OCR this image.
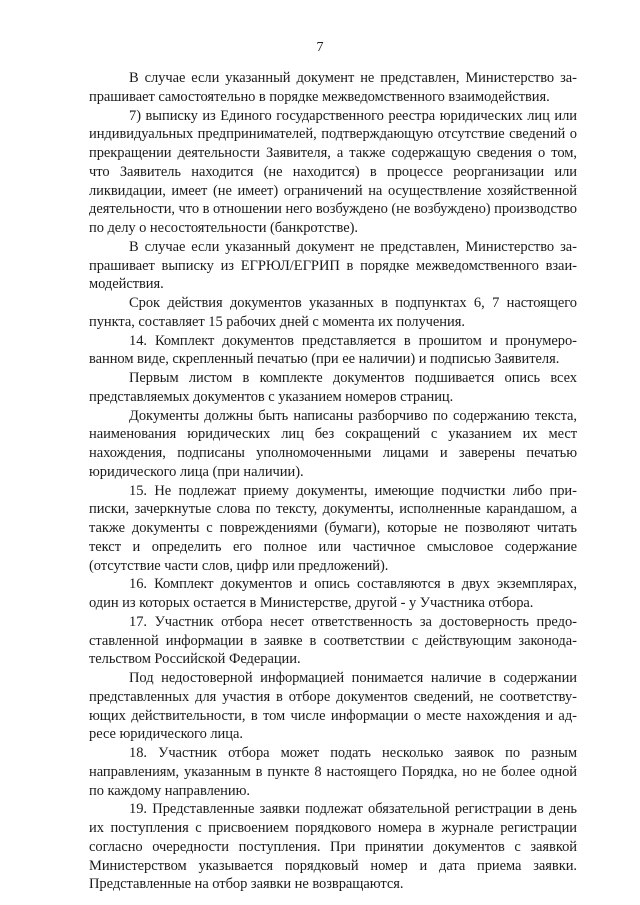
7

В случае если указанный документ не представлен, Министерство запрашивает самостоятельно в порядке межведомственного взаимодействия.

7) выписку из Единого государственного реестра юридических лиц или индивидуальных предпринимателей, подтверждающую отсутствие сведений о прекращении деятельности Заявителя, а также содержащую сведения о том, что Заявитель находится (не находится) в процессе реорганизации или ликвидации, имеет (не имеет) ограничений на осуществление хозяйственной деятельности, что в отношении него возбуждено (не возбуждено) производство по делу о несостоятельности (банкротстве).

В случае если указанный документ не представлен, Министерство запрашивает выписку из ЕГРЮЛ/ЕГРИП в порядке межведомственного взаимодействия.

Срок действия документов указанных в подпунктах 6, 7 настоящего пункта, составляет 15 рабочих дней с момента их получения.

14. Комплект документов представляется в прошитом и пронумерованном виде, скрепленный печатью (при ее наличии) и подписью Заявителя.

Первым листом в комплекте документов подшивается опись всех представляемых документов с указанием номеров страниц.

Документы должны быть написаны разборчиво по содержанию текста, наименования юридических лиц без сокращений с указанием их мест нахождения, подписаны уполномоченными лицами и заверены печатью юридического лица (при наличии).

15. Не подлежат приему документы, имеющие подчистки либо приписки, зачеркнутые слова по тексту, документы, исполненные карандашом, а также документы с повреждениями (бумаги), которые не позволяют читать текст и определить его полное или частичное смысловое содержание (отсутствие части слов, цифр или предложений).

16. Комплект документов и опись составляются в двух экземплярах, один из которых остается в Министерстве, другой - у Участника отбора.

17. Участник отбора несет ответственность за достоверность предоставленной информации в заявке в соответствии с действующим законодательством Российской Федерации.

Под недостоверной информацией понимается наличие в содержании представленных для участия в отборе документов сведений, не соответствующих действительности, в том числе информации о месте нахождения и адресе юридического лица.

18. Участник отбора может подать несколько заявок по разным направлениям, указанным в пункте 8 настоящего Порядка, но не более одной по каждому направлению.

19. Представленные заявки подлежат обязательной регистрации в день их поступления с присвоением порядкового номера в журнале регистрации согласно очередности поступления. При принятии документов с заявкой Министерством указывается порядковый номер и дата приема заявки. Представленные на отбор заявки не возвращаются.
